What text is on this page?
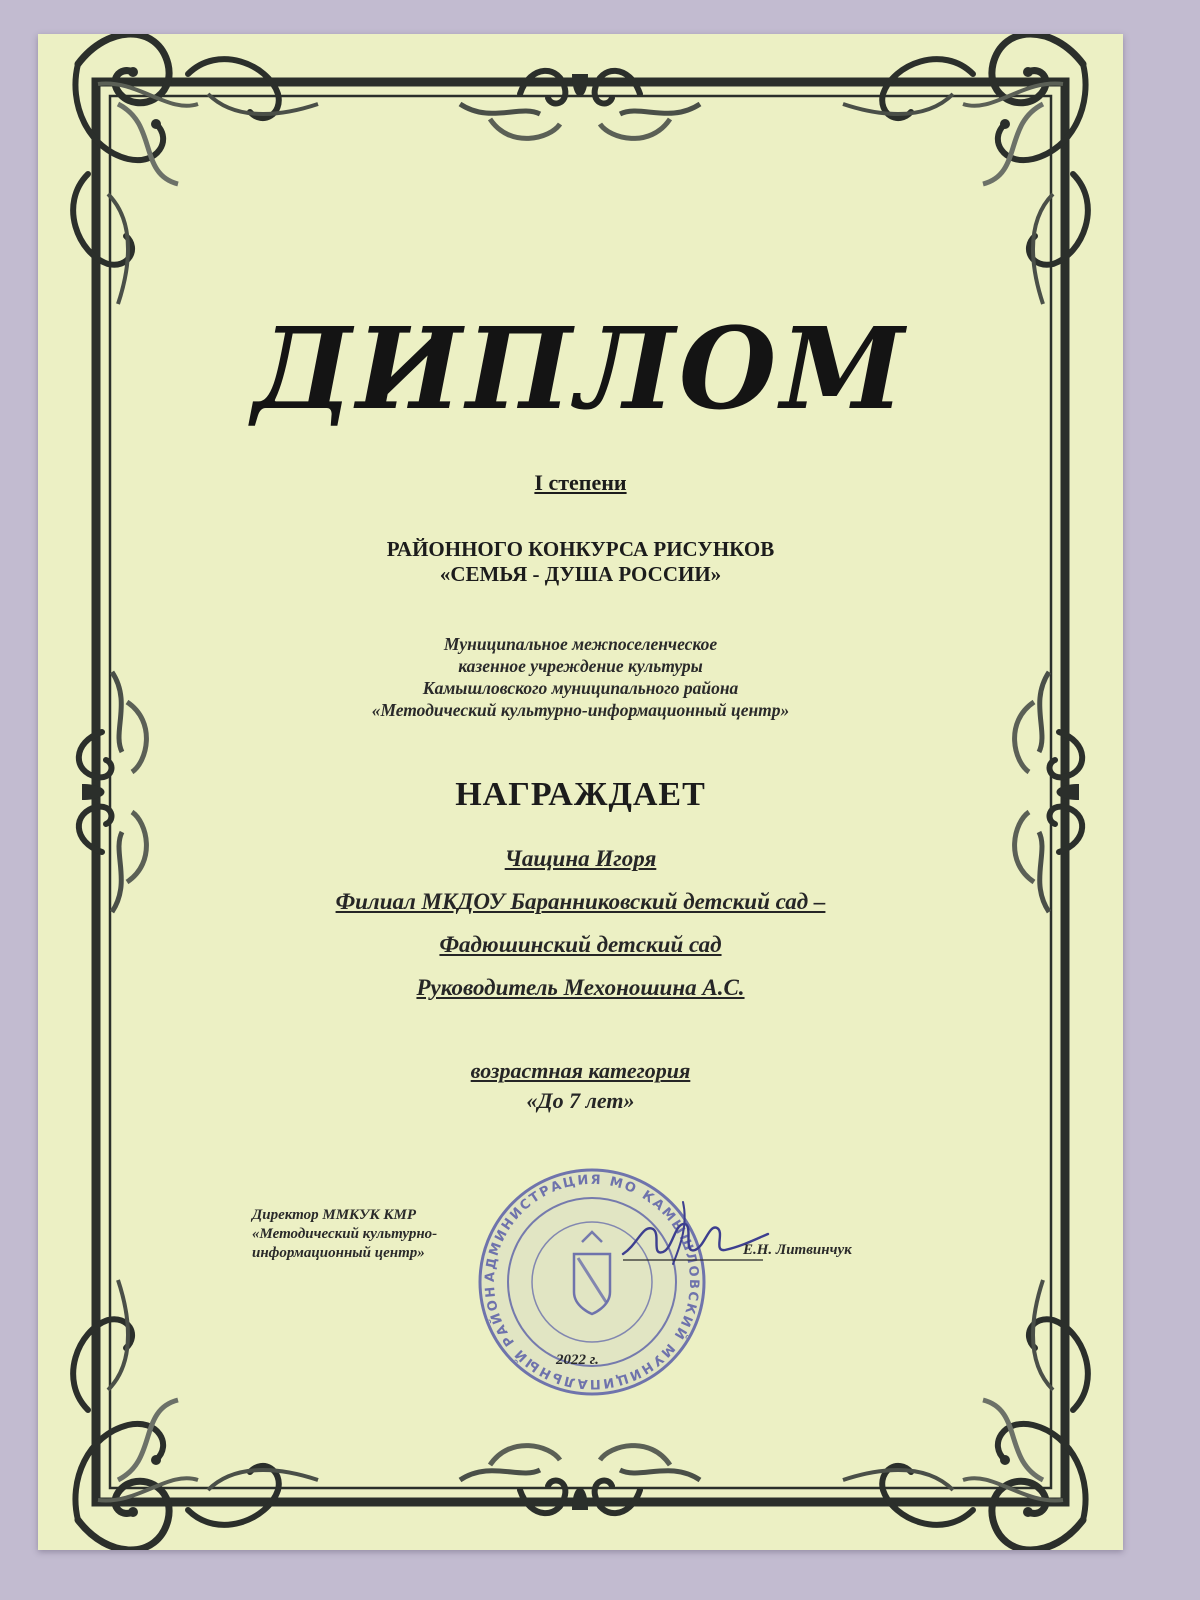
ДИПЛОМ
I степени
РАЙОННОГО КОНКУРСА РИСУНКОВ
«СЕМЬЯ - ДУША РОССИИ»
Муниципальное межпоселенческое
казенное учреждение культуры
Камышловского муниципального района
«Методический культурно-информационный центр»
НАГРАЖДАЕТ
Чащина Игоря
Филиал МКДОУ Баранниковский детский сад –
Фадюшинский детский сад
Руководитель Мехоношина А.С.
возрастная категория
«До 7 лет»
Директор ММКУК КМР
«Методический культурно-
информационный центр»
АДМИНИСТРАЦИЯ МО КАМЫШЛОВСКИЙ МУНИЦИПАЛЬНЫЙ РАЙОН
Е.Н. Литвинчук
2022 г.
